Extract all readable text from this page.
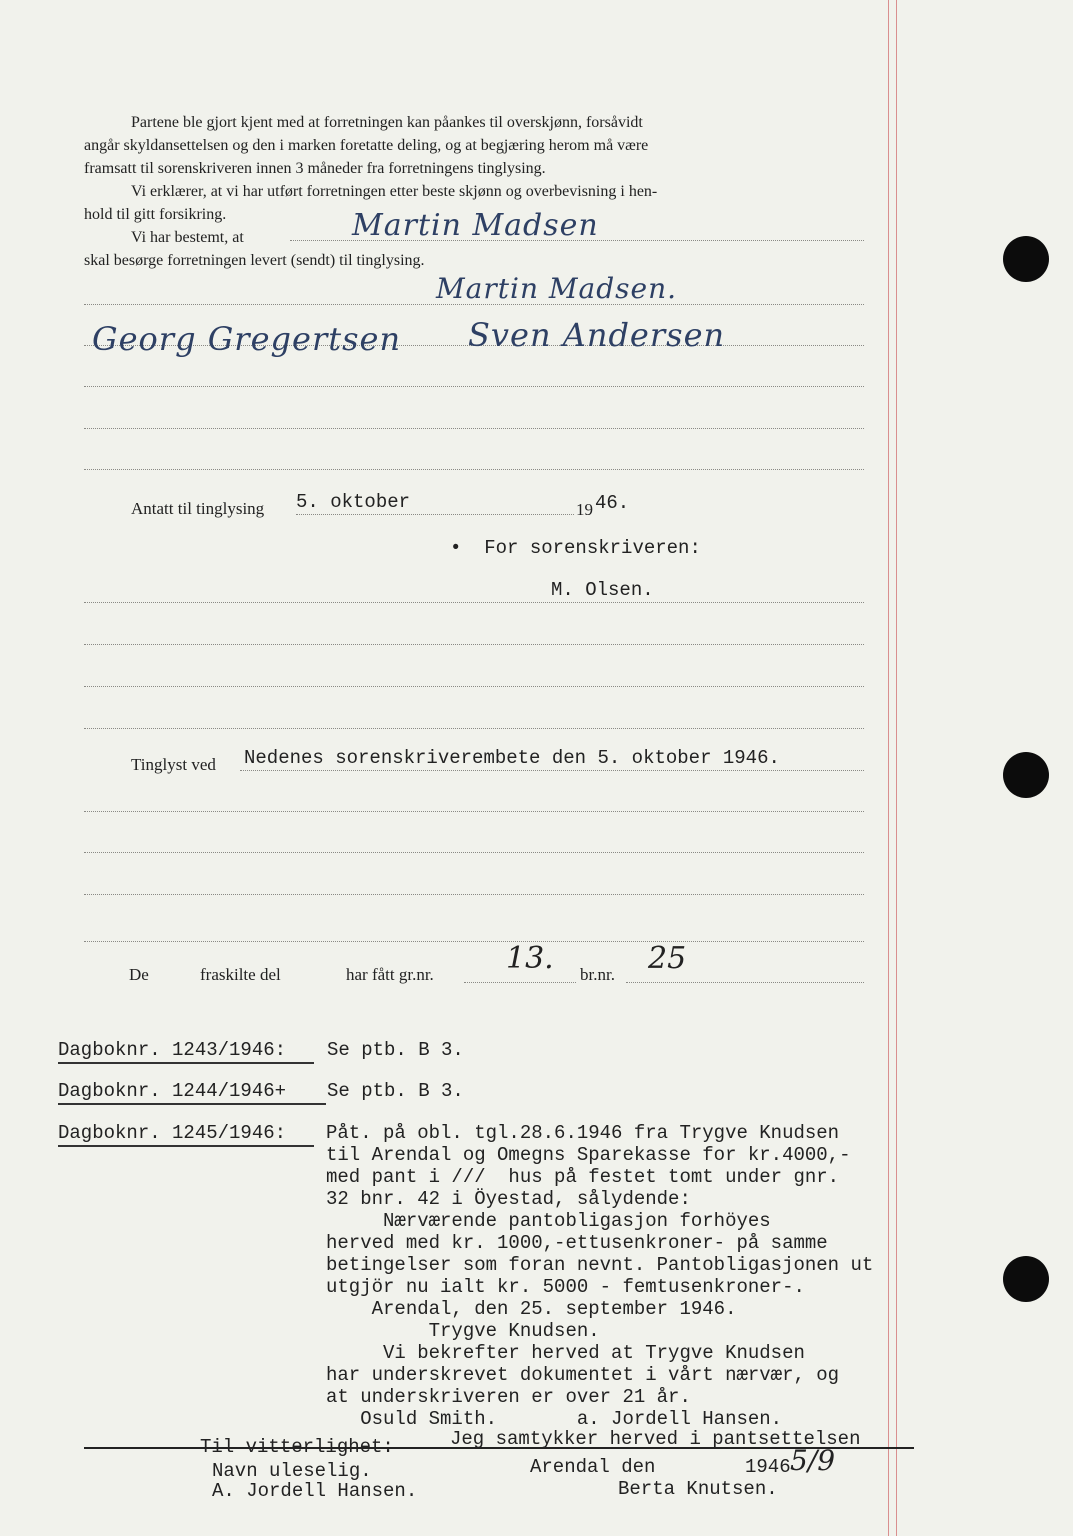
Partene ble gjort kjent med at forretningen kan påankes til overskjønn, forsåvidt
angår skyldansettelsen og den i marken foretatte deling, og at begjæring herom må være
framsatt til sorenskriveren innen 3 måneder fra forretningens tinglysing.
Vi erklærer, at vi har utført forretningen etter beste skjønn og overbevisning i hen-
hold til gitt forsikring.
Vi har bestemt, at	Martin Madsen
skal besørge forretningen levert (sendt) til tinglysing.
Martin Madsen.
Georg Gregertsen Sven Andersen
Antatt til tinglysing 5. oktober	19 46.
•  For sorenskriveren:
M. Olsen.
Tinglyst ved Nedenes sorenskriverembete den 5. oktober 1946.
De	fraskilte del	har fått gr.nr. 13. br.nr. 25
Dagboknr. 1243/1946: Se ptb. B 3.
Dagboknr. 1244/1946+ Se ptb. B 3.
Dagboknr. 1245/1946: Påt. på obl. tgl.28.6.1946 fra Trygve Knudsen
til Arendal og Omegns Sparekasse for kr.4000,-
med pant i ///  hus på festet tomt under gnr.
32 bnr. 42 i Öyestad, sålydende:
Nærværende pantobligasjon forhöyes
herved med kr. 1000,-ettusenkroner- på samme
betingelser som foran nevnt. Pantobligasjonen ut
utgjör nu ialt kr. 5000 - femtusenkroner-.
Arendal, den 25. september 1946.
Trygve Knudsen.
Vi bekrefter herved at Trygve Knudsen
har underskrevet dokumentet i vårt nærvær, og
at underskriveren er over 21 år.
Osuld Smith.       a. Jordell Hansen.
Jeg samtykker herved i pantsettelsen
Til vitterlighet:
Navn uleselig.	Arendal den	1946 5/9
A. Jordell Hansen.	Berta Knutsen.
